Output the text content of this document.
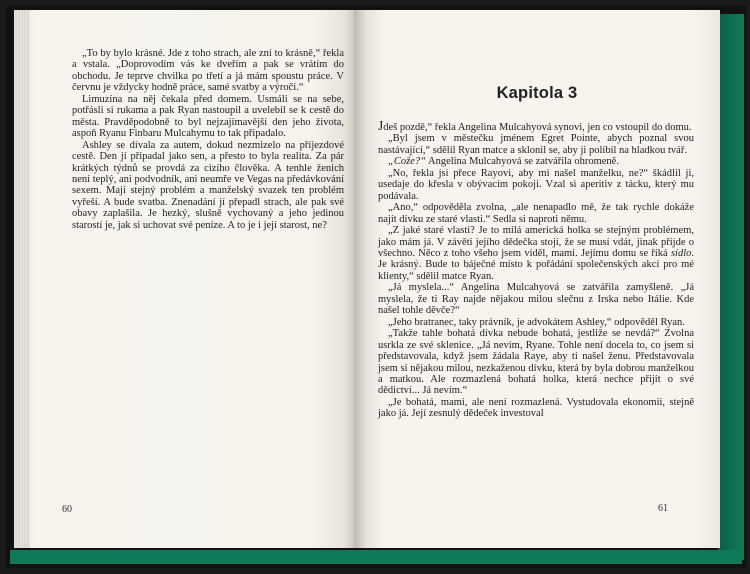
„To by bylo krásné. Jde z toho strach, ale zní to krásně,“ řekla a vstala. „Doprovodím vás ke dveřím a pak se vrátím do obchodu. Je teprve chvilka po třetí a já mám spoustu práce. V červnu je vždycky hodně práce, samé svatby a výročí.“

Limuzína na něj čekala před domem. Usmáli se na sebe, potřásli si rukama a pak Ryan nastoupil a uvelebil se k cestě do města. Pravděpodobně to byl nejzajímavější den jeho života, aspoň Ryanu Finbaru Mulcahymu to tak připadalo.

Ashley se dívala za autem, dokud nezmizelo na příjezdové cestě. Den jí připadal jako sen, a přesto to byla realita. Za pár krátkých týdnů se provdá za cizího člověka. A tenhle ženich není teplý, ani podvodník, ani neumře ve Vegas na předávkování sexem. Mají stejný problém a manželský svazek ten problém vyřeší. A bude svatba. Znenadání jí přepadl strach, ale pak své obavy zaplašila. Je hezký, slušně vychovaný a jeho jedinou starostí je, jak si uchovat své peníze. A to je i její starost, ne?

60
Kapitola 3

Jdeš pozdě,“ řekla Angelina Mulcahyová synovi, jen co vstoupil do domu.

„Byl jsem v městečku jménem Egret Pointe, abych poznal svou nastávající,“ sdělil Ryan matce a sklonil se, aby ji políbil na hladkou tvář.

„Cože?“ Angelina Mulcahyová se zatvářila ohromeně.

„No, řekla jsi přece Rayovi, aby mi našel manželku, ne?“ škádlil ji, usedaje do křesla v obývacím pokoji. Vzal si aperitiv z tácku, který mu podávala.

„Ano,“ odpověděla zvolna, „ale nenapadlo mě, že tak rychle dokáže najít dívku ze staré vlasti.“ Sedla si naproti němu.

„Z jaké staré vlasti? Je to milá americká holka se stejným problémem, jako mám já. V závěti jejího dědečka stojí, že se musí vdát, jinak přijde o všechno. Něco z toho všeho jsem viděl, mami. Jejímu domu se říká sídlo. Je krásný. Bude to báječné místo k pořádání společenských akcí pro mé klienty,“ sdělil matce Ryan.

„Já myslela...“ Angelina Mulcahyová se zatvářila zamyšleně. „Já myslela, že ti Ray najde nějakou milou slečnu z Irska nebo Itálie. Kde našel tohle děvče?“

„Jeho bratranec, taky právník, je advokátem Ashley,“ odpověděl Ryan.

„Takže tahle bohatá dívka nebude bohatá, jestliže se nevdá?“ Zvolna usrkla ze své sklenice. „Já nevím, Ryane. Tohle není docela to, co jsem si představovala, když jsem žádala Raye, aby ti našel ženu. Představovala jsem si nějakou milou, nezkaženou dívku, která by byla dobrou manželkou a matkou. Ale rozmazlená bohatá holka, která nechce přijít o své dědictví... Já nevím.“

„Je bohatá, mami, ale není rozmazlená. Vystudovala ekonomii, stejně jako já. Její zesnulý dědeček investoval

61
